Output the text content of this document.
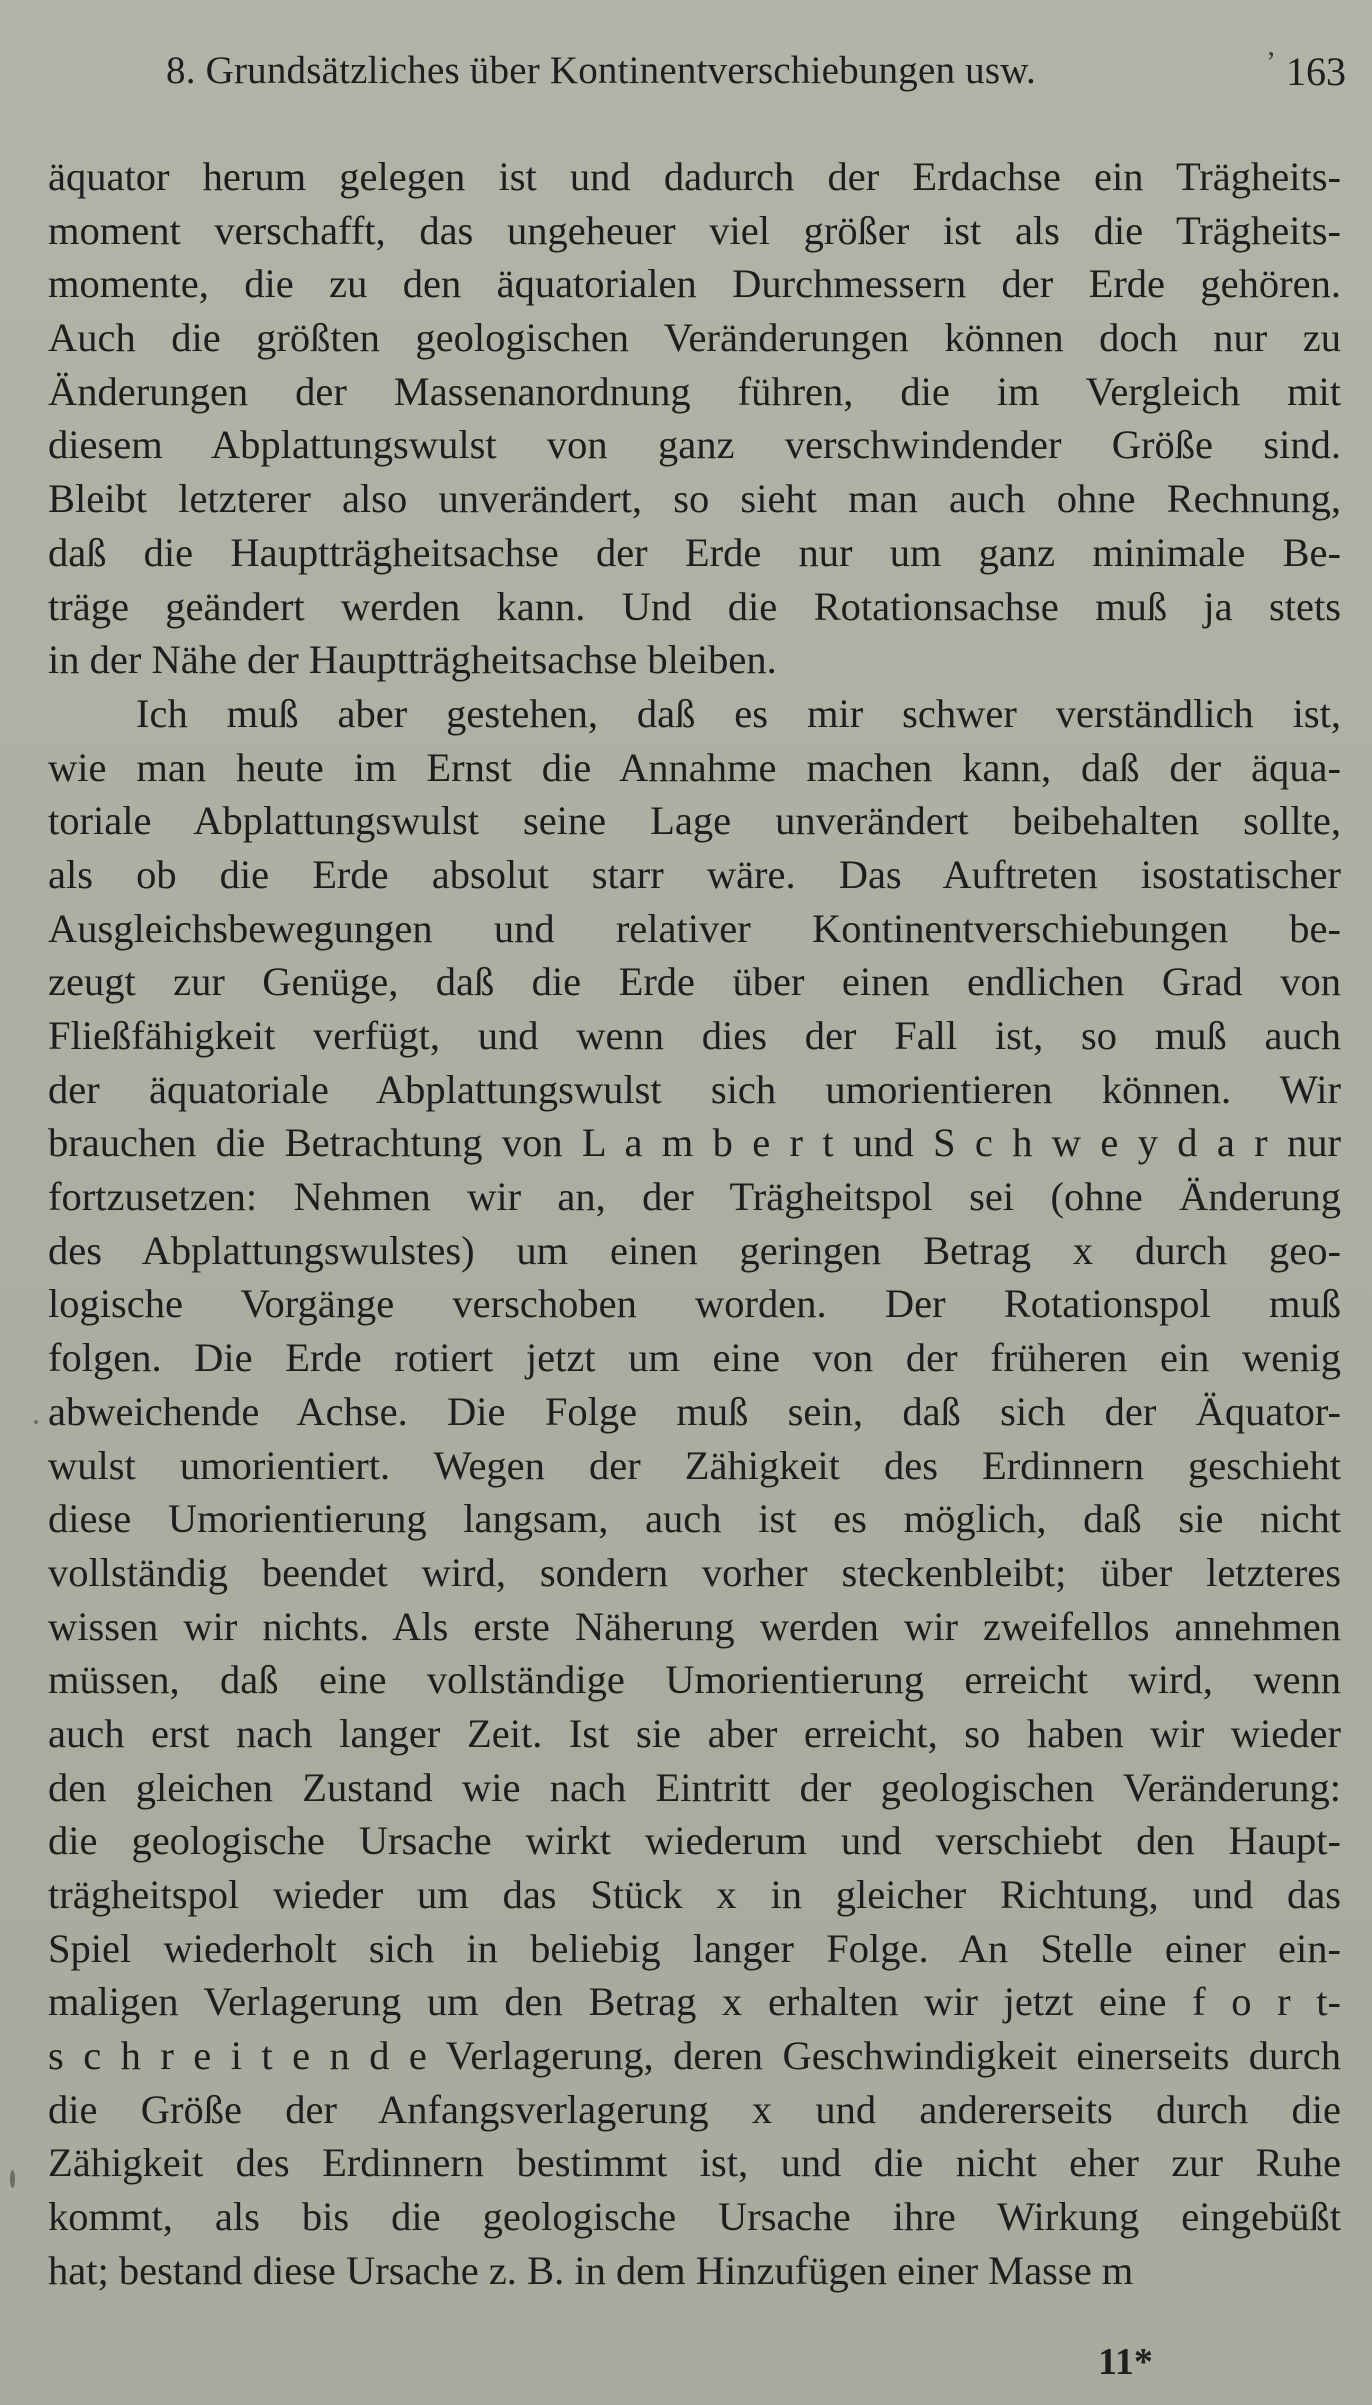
8. Grundsätzliches über Kontinentverschiebungen usw.	ʼ 163
äquator herum gelegen ist und dadurch der Erdachse ein Trägheits-
moment verschafft, das ungeheuer viel größer ist als die Trägheits-
momente, die zu den äquatorialen Durchmessern der Erde gehören.
Auch die größten geologischen Veränderungen können doch nur zu
Änderungen der Massenanordnung führen, die im Vergleich mit
diesem Abplattungswulst von ganz verschwindender Größe sind.
Bleibt letzterer also unverändert, so sieht man auch ohne Rechnung,
daß die Hauptträgheitsachse der Erde nur um ganz minimale Be-
träge geändert werden kann. Und die Rotationsachse muß ja stets
in der Nähe der Hauptträgheitsachse bleiben.
Ich muß aber gestehen, daß es mir schwer verständlich ist,
wie man heute im Ernst die Annahme machen kann, daß der äqua-
toriale Abplattungswulst seine Lage unverändert beibehalten sollte,
als ob die Erde absolut starr wäre. Das Auftreten isostatischer
Ausgleichsbewegungen und relativer Kontinentverschiebungen be-
zeugt zur Genüge, daß die Erde über einen endlichen Grad von
Fließfähigkeit verfügt, und wenn dies der Fall ist, so muß auch
der äquatoriale Abplattungswulst sich umorientieren können. Wir
brauchen die Betrachtung von L a m b e r t und S c h w e y d a r nur
fortzusetzen: Nehmen wir an, der Trägheitspol sei (ohne Änderung
des Abplattungswulstes) um einen geringen Betrag x durch geo-
logische Vorgänge verschoben worden. Der Rotationspol muß
folgen. Die Erde rotiert jetzt um eine von der früheren ein wenig
abweichende Achse. Die Folge muß sein, daß sich der Äquator-
wulst umorientiert. Wegen der Zähigkeit des Erdinnern geschieht
diese Umorientierung langsam, auch ist es möglich, daß sie nicht
vollständig beendet wird, sondern vorher steckenbleibt; über letzteres
wissen wir nichts. Als erste Näherung werden wir zweifellos annehmen
müssen, daß eine vollständige Umorientierung erreicht wird, wenn
auch erst nach langer Zeit. Ist sie aber erreicht, so haben wir wieder
den gleichen Zustand wie nach Eintritt der geologischen Veränderung:
die geologische Ursache wirkt wiederum und verschiebt den Haupt-
trägheitspol wieder um das Stück x in gleicher Richtung, und das
Spiel wiederholt sich in beliebig langer Folge. An Stelle einer ein-
maligen Verlagerung um den Betrag x erhalten wir jetzt eine f o r t-
s c h r e i t e n d e Verlagerung, deren Geschwindigkeit einerseits durch
die Größe der Anfangsverlagerung x und andererseits durch die
Zähigkeit des Erdinnern bestimmt ist, und die nicht eher zur Ruhe
kommt, als bis die geologische Ursache ihre Wirkung eingebüßt
hat; bestand diese Ursache z. B. in dem Hinzufügen einer Masse m
11*
